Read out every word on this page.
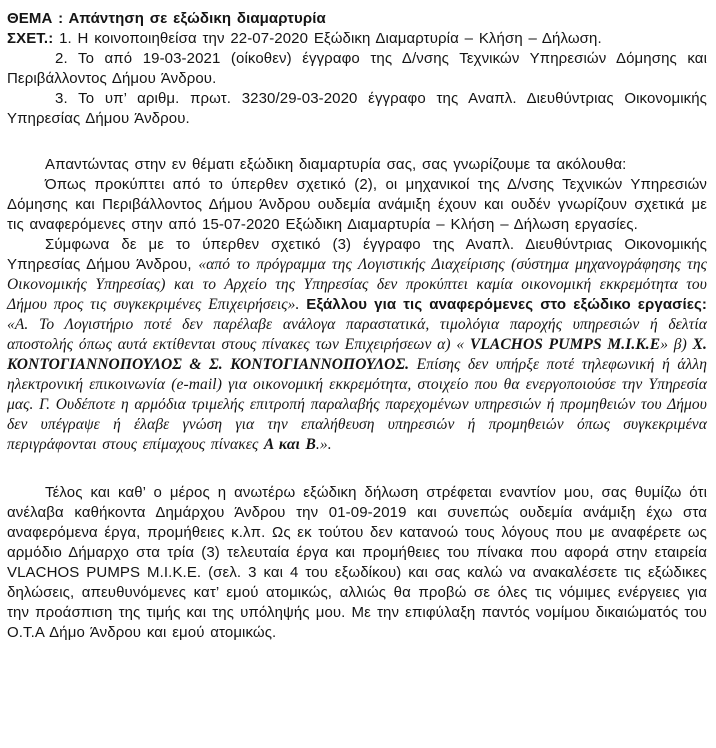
ΘΕΜΑ : Απάντηση σε εξώδικη διαμαρτυρία

ΣΧΕΤ.: 1. Η κοινοποιηθείσα την 22-07-2020 Εξώδικη Διαμαρτυρία – Κλήση – Δήλωση.

2. Το από 19-03-2021 (οίκοθεν) έγγραφο της Δ/νσης Τεχνικών Υπηρεσιών Δόμησης και Περιβάλλοντος Δήμου Άνδρου.

3. Το υπ’ αριθμ. πρωτ. 3230/29-03-2020 έγγραφο της Αναπλ. Διευθύντριας Οικονομικής Υπηρεσίας Δήμου Άνδρου.

Απαντώντας στην εν θέματι εξώδικη διαμαρτυρία σας, σας γνωρίζουμε τα ακόλουθα:

Όπως προκύπτει από το ύπερθεν σχετικό (2), οι μηχανικοί της Δ/νσης Τεχνικών Υπηρεσιών Δόμησης και Περιβάλλοντος Δήμου Άνδρου ουδεμία ανάμιξη έχουν και ουδέν γνωρίζουν σχετικά με τις αναφερόμενες στην από 15-07-2020 Εξώδικη Διαμαρτυρία – Κλήση – Δήλωση εργασίες.

Σύμφωνα δε με το ύπερθεν σχετικό (3) έγγραφο της Αναπλ. Διευθύντριας Οικονομικής Υπηρεσίας Δήμου Άνδρου, «από το πρόγραμμα της Λογιστικής Διαχείρισης (σύστημα μηχανογράφησης της Οικονομικής Υπηρεσίας) και το Αρχείο της Υπηρεσίας δεν προκύπτει καμία οικονομική εκκρεμότητα του Δήμου προς τις συγκεκριμένες Επιχειρήσεις». Εξάλλου για τις αναφερόμενες στο εξώδικο εργασίες: «Α. Το Λογιστήριο ποτέ δεν παρέλαβε ανάλογα παραστατικά, τιμολόγια παροχής υπηρεσιών ή δελτία αποστολής όπως αυτά εκτίθενται στους πίνακες των Επιχειρήσεων α) « VLACHOS PUMPS M.I.K.E» β) Χ. ΚΟΝΤΟΓΙΑΝΝΟΠΟΥΛΟΣ & Σ. ΚΟΝΤΟΓΙΑΝΝΟΠΟΥΛΟΣ. Επίσης δεν υπήρξε ποτέ τηλεφωνική ή άλλη ηλεκτρονική επικοινωνία (e-mail) για οικονομική εκκρεμότητα, στοιχείο που θα ενεργοποιούσε την Υπηρεσία μας. Γ. Ουδέποτε η αρμόδια τριμελής επιτροπή παραλαβής παρεχομένων υπηρεσιών ή προμηθειών του Δήμου δεν υπέγραψε ή έλαβε γνώση για την επαλήθευση υπηρεσιών ή προμηθειών όπως συγκεκριμένα περιγράφονται στους επίμαχους πίνακες Α και Β.».

Τέλος και καθ’ ο μέρος η ανωτέρω εξώδικη δήλωση στρέφεται εναντίον μου, σας θυμίζω ότι ανέλαβα καθήκοντα Δημάρχου Άνδρου την 01-09-2019 και συνεπώς ουδεμία ανάμιξη έχω στα αναφερόμενα έργα, προμήθειες κ.λπ. Ως εκ τούτου δεν κατανοώ τους λόγους που με αναφέρετε ως αρμόδιο Δήμαρχο στα τρία (3) τελευταία έργα και προμήθειες του πίνακα που αφορά στην εταιρεία VLACHOS PUMPS M.I.K.E. (σελ. 3 και 4 του εξωδίκου) και σας καλώ να ανακαλέσετε τις εξώδικες δηλώσεις, απευθυνόμενες κατ’ εμού ατομικώς, αλλιώς θα προβώ σε όλες τις νόμιμες ενέργειες για την προάσπιση της τιμής και της υπόληψής μου. Με την επιφύλαξη παντός νομίμου δικαιώματός του Ο.Τ.Α Δήμο Άνδρου και εμού ατομικώς.
